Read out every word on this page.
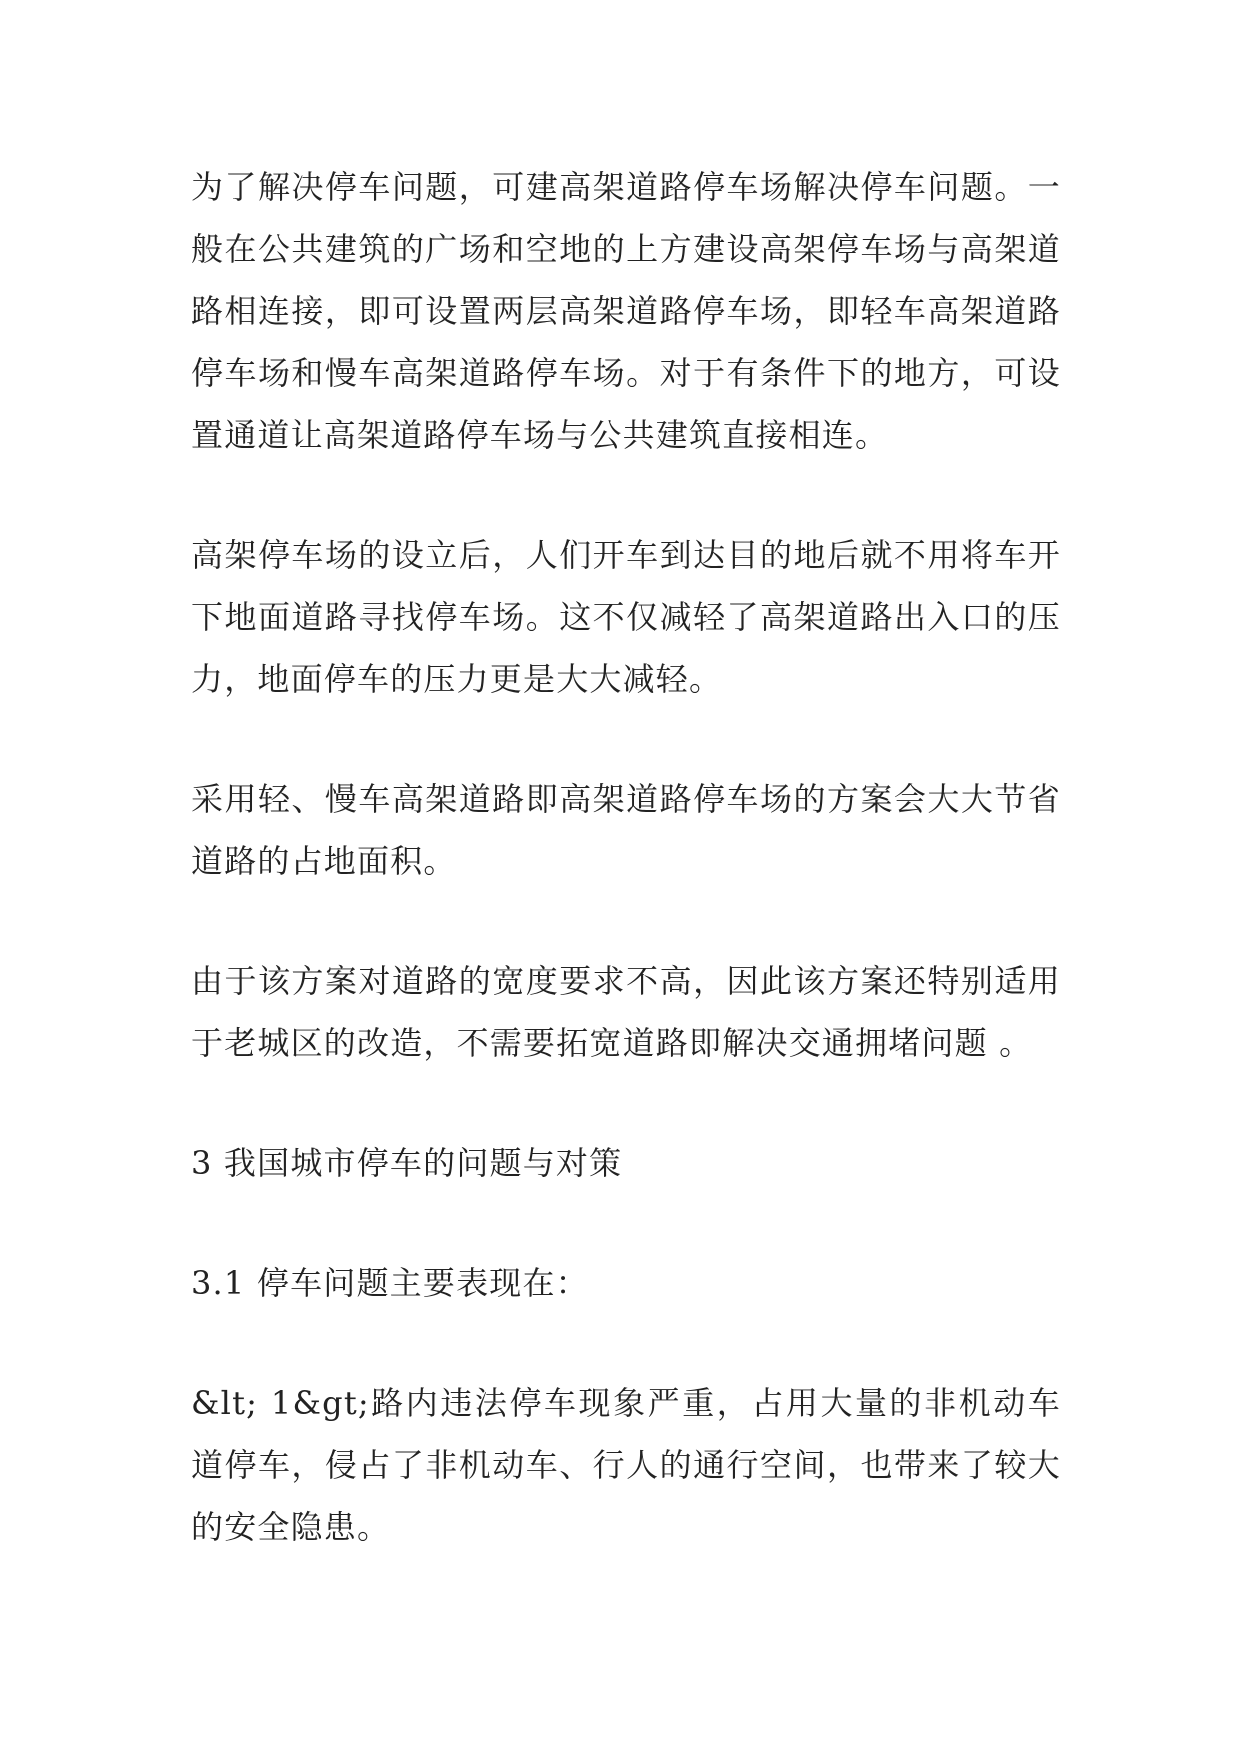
为了解决停车问题，可建高架道路停车场解决停车问题。一般在公共建筑的广场和空地的上方建设高架停车场与高架道路相连接，即可设置两层高架道路停车场，即轻车高架道路停车场和慢车高架道路停车场。对于有条件下的地方，可设置通道让高架道路停车场与公共建筑直接相连。

高架停车场的设立后，人们开车到达目的地后就不用将车开下地面道路寻找停车场。这不仅减轻了高架道路出入口的压力，地面停车的压力更是大大减轻。

采用轻、慢车高架道路即高架道路停车场的方案会大大节省道路的占地面积。

由于该方案对道路的宽度要求不高，因此该方案还特别适用于老城区的改造，不需要拓宽道路即解决交通拥堵问题 。

3 我国城市停车的问题与对策

3.1 停车问题主要表现在：

&lt; 1&gt;路内违法停车现象严重，占用大量的非机动车道停车，侵占了非机动车、行人的通行空间，也带来了较大的安全隐患。
